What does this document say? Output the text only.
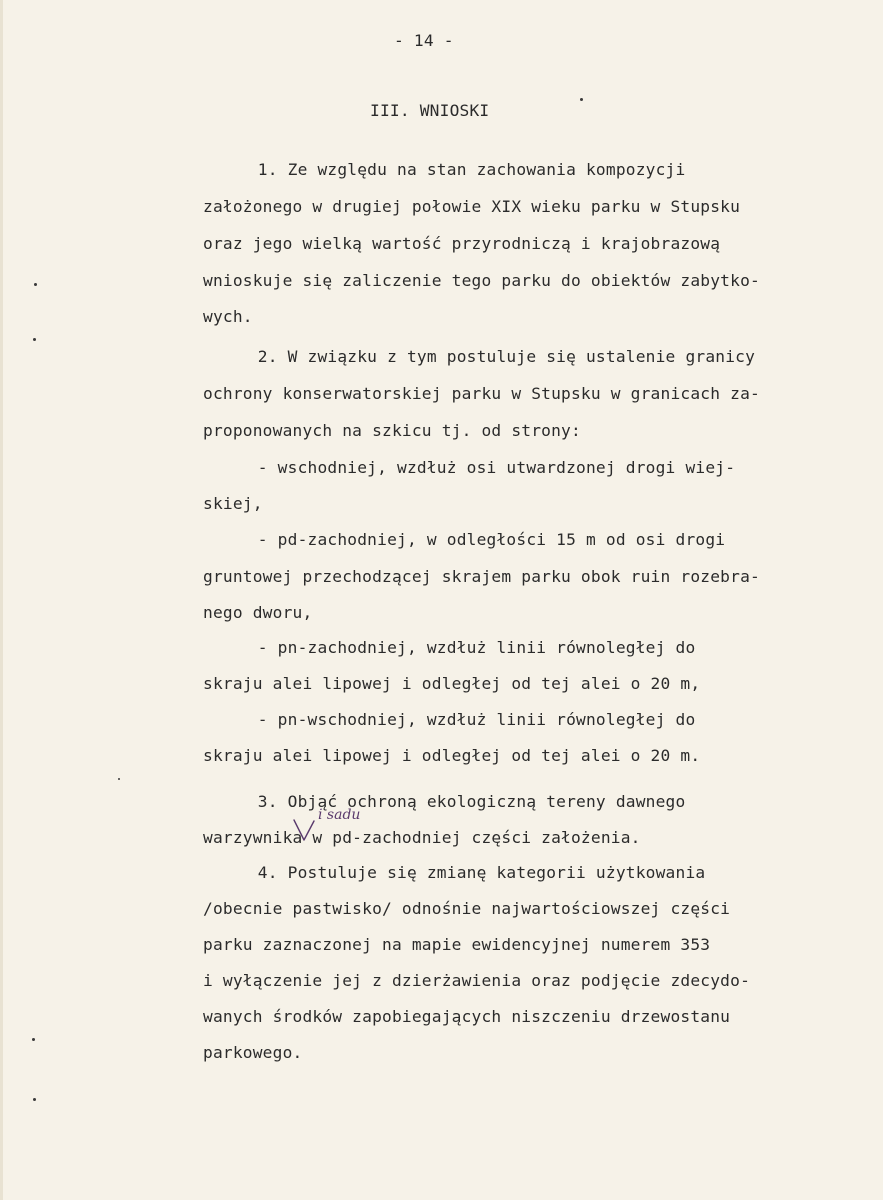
- 14 -

III. WNIOSKI

1. Ze względu na stan zachowania kompozycji

założonego w drugiej połowie XIX wieku parku w Stupsku

oraz jego wielką wartość przyrodniczą i krajobrazową

wnioskuje się zaliczenie tego parku do obiektów zabytko-

wych.

2. W związku z tym postuluje się ustalenie granicy

ochrony konserwatorskiej parku w Stupsku w granicach za-

proponowanych na szkicu tj. od strony:

- wschodniej, wzdłuż osi utwardzonej drogi wiej-

skiej,

- pd-zachodniej, w odległości 15 m od osi drogi

gruntowej przechodzącej skrajem parku obok ruin rozebra-

nego dworu,

- pn-zachodniej, wzdłuż linii równoległej do

skraju alei lipowej i odległej od tej alei o 20 m,

- pn-wschodniej, wzdłuż linii równoległej do

skraju alei lipowej i odległej od tej alei o 20 m.

3. Objąć ochroną ekologiczną tereny dawnego

warzywnika w pd-zachodniej części założenia.

i sadu

4. Postuluje się zmianę kategorii użytkowania

/obecnie pastwisko/ odnośnie najwartościowszej części

parku zaznaczonej na mapie ewidencyjnej numerem 353

i wyłączenie jej z dzierżawienia oraz podjęcie zdecydo-

wanych środków zapobiegających niszczeniu drzewostanu

parkowego.
